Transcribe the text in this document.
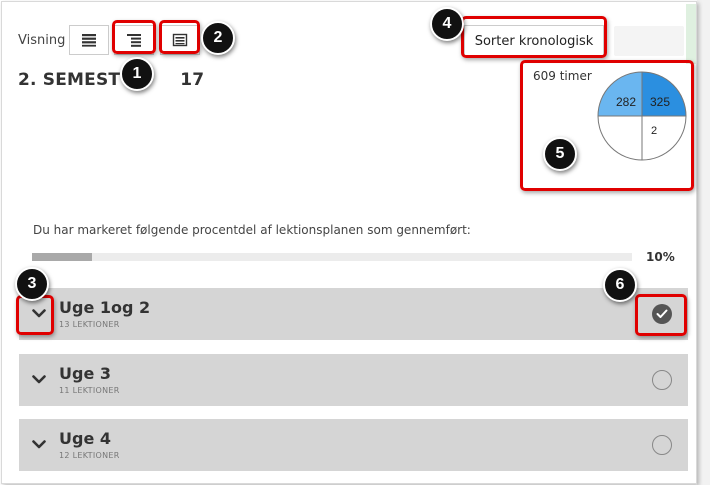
Visning	Sorter kronologisk
2. SEMEST	17	609 timer
282 325
2
Du har markeret følgende procentdel af lektionsplanen som gennemført:
10%
Uge 1og 2
13 LEKTIONER
Uge 3
11 LEKTIONER
Uge 4
12 LEKTIONER
1
2
3
4
5
6
